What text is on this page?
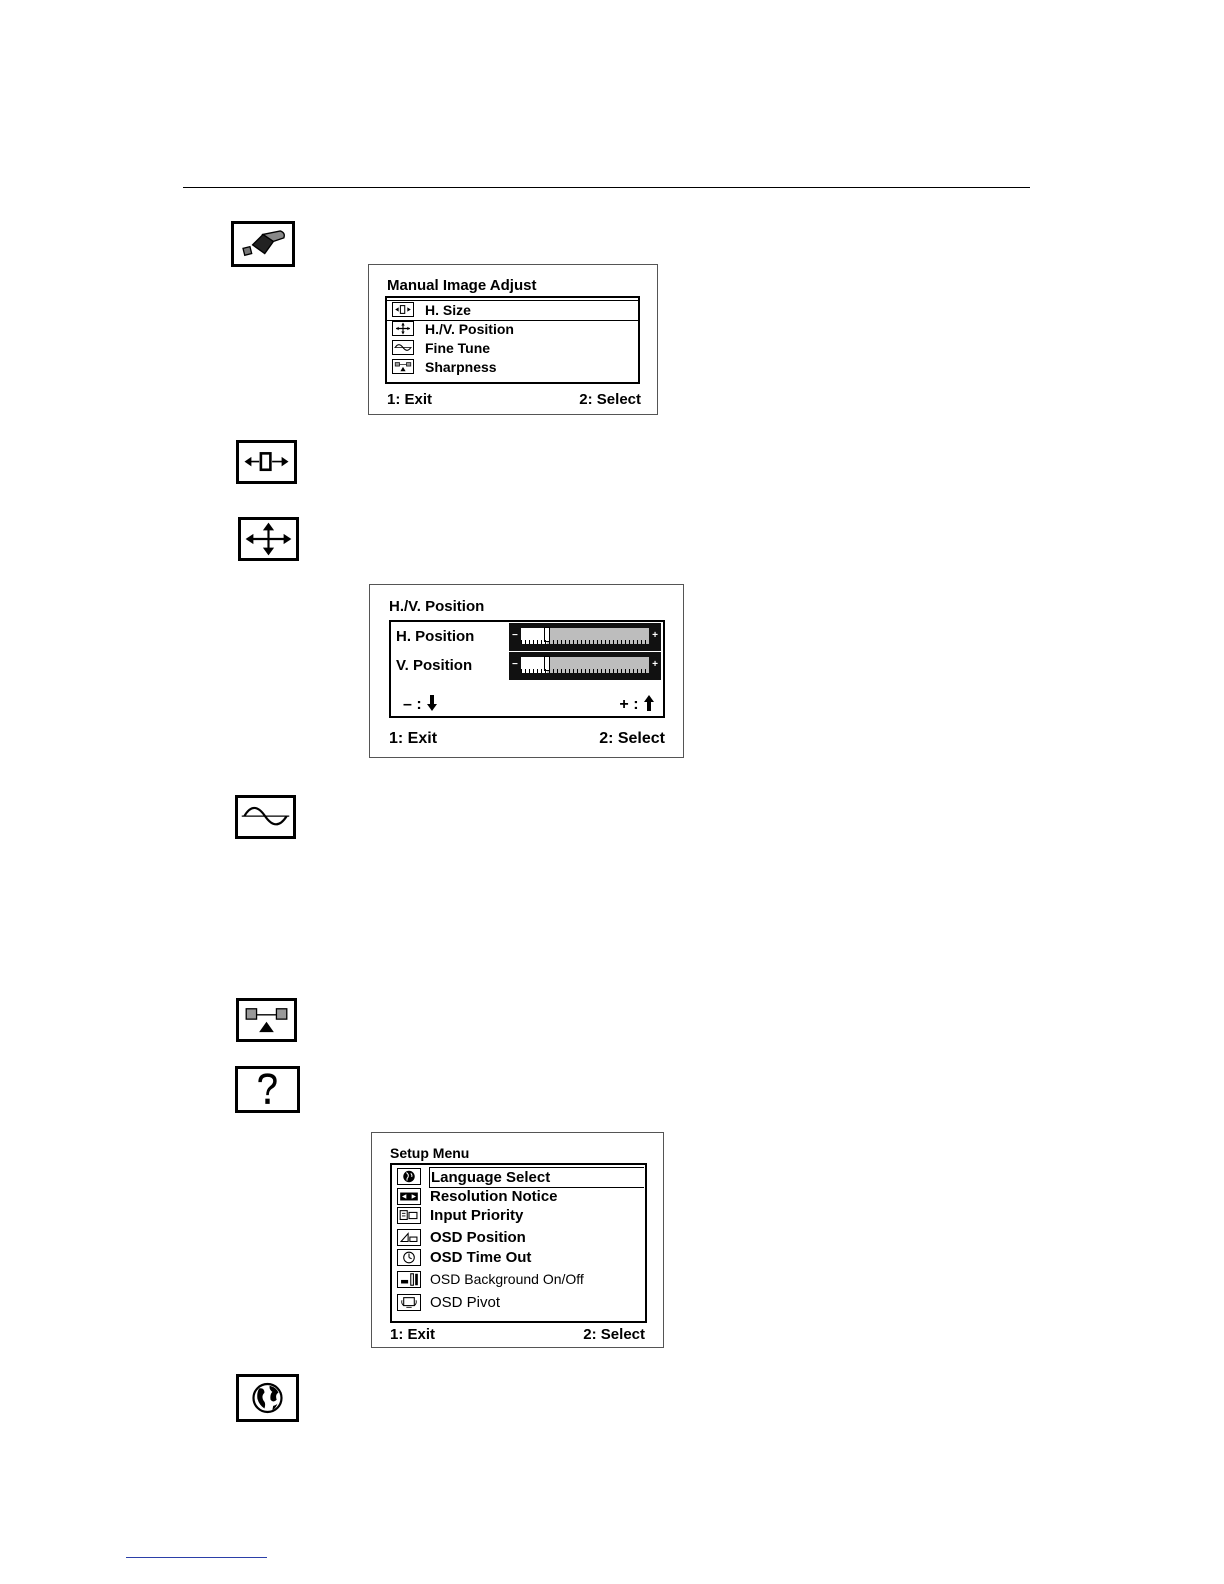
Manual Image Adjust
H. Size
H./V. Position
Fine Tune
Sharpness
1: Exit	2: Select
H./V. Position
H. Position	−	+
V. Position	−	+
– :	+ :
1: Exit	2: Select
Setup Menu
Language Select
Resolution Notice
Input Priority
OSD Position
OSD Time Out
OSD Background On/Off
OSD Pivot
1: Exit	2: Select
